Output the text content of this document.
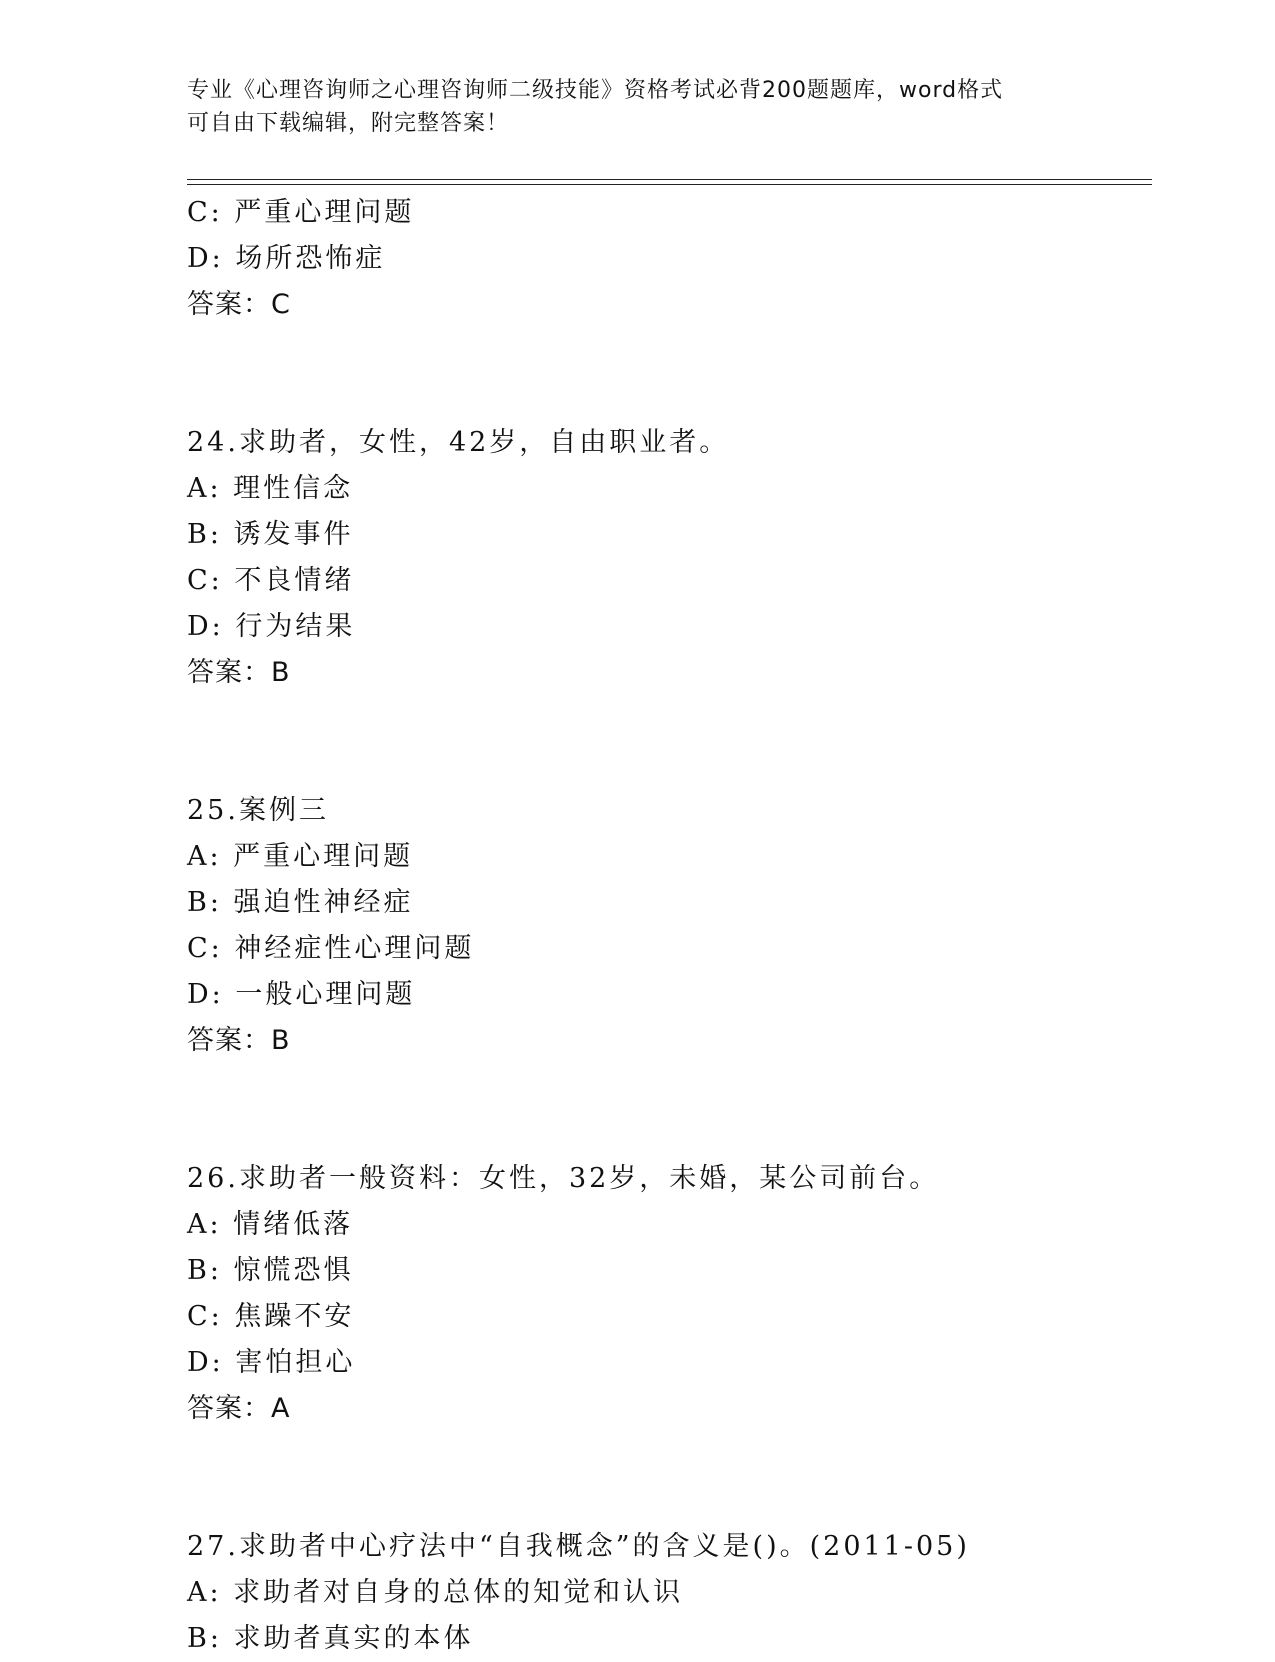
专业《心理咨询师之心理咨询师二级技能》资格考试必背200题题库，word格式
可自由下载编辑，附完整答案！
C: 严重心理问题
D: 场所恐怖症
答案：C
24.求助者，女性，42岁，自由职业者。
A: 理性信念
B: 诱发事件
C: 不良情绪
D: 行为结果
答案：B
25.案例三
A: 严重心理问题
B: 强迫性神经症
C: 神经症性心理问题
D: 一般心理问题
答案：B
26.求助者一般资料：女性，32岁，未婚，某公司前台。
A: 情绪低落
B: 惊慌恐惧
C: 焦躁不安
D: 害怕担心
答案：A
27.求助者中心疗法中“自我概念”的含义是()。(2011-05)
A: 求助者对自身的总体的知觉和认识
B: 求助者真实的本体
